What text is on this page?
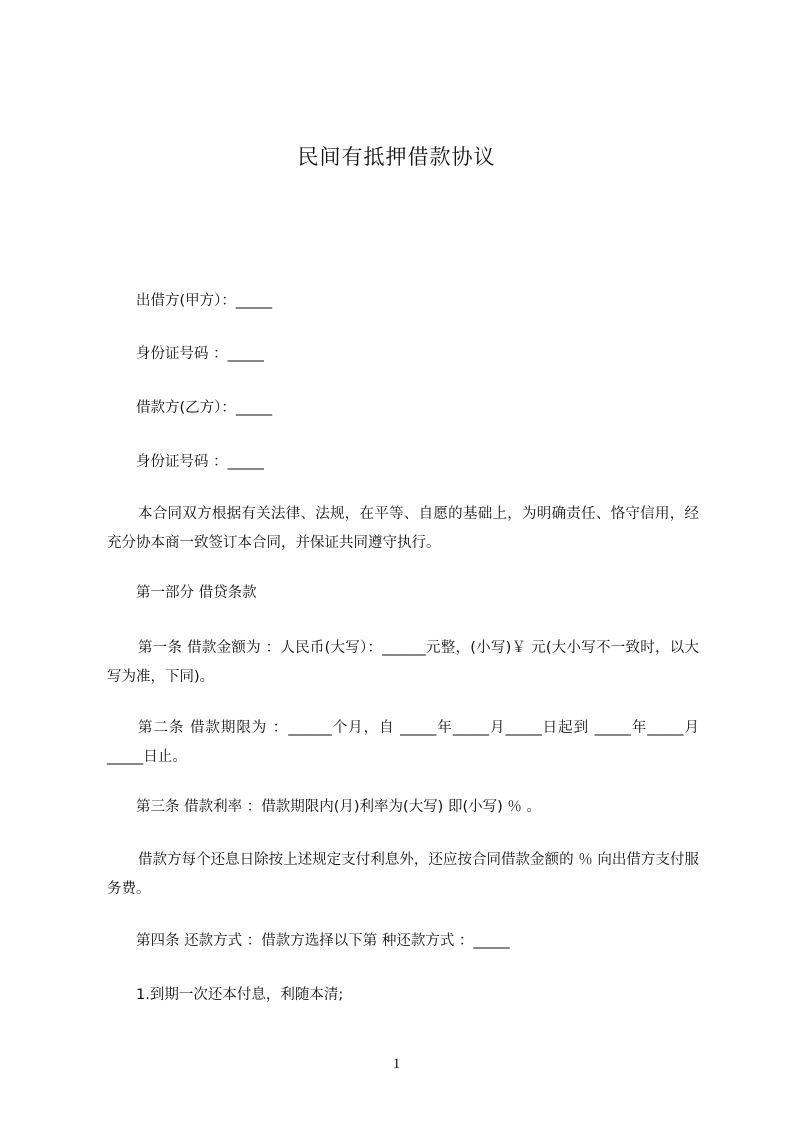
民间有抵押借款协议
出借方(甲方）：_____
身份证号码 ：_____
借款方(乙方）：_____
身份证号码 ：_____
本合同双方根据有关法律、法规，在平等、自愿的基础上，为明确责任、恪守信用，经充分协本商一致签订本合同，并保证共同遵守执行。
第一部分 借贷条款
第一条 借款金额为 ：人民币(大写）：______元整，(小写)￥ 元(大小写不一致时，以大写为准，下同)。
第二条 借款期限为 ：______个月，自 _____年_____月_____日起到 _____年_____月_____日止。
第三条 借款利率 ：借款期限内(月)利率为(大写) 即(小写) ％ 。
借款方每个还息日除按上述规定支付利息外，还应按合同借款金额的 ％ 向出借方支付服务费。
第四条 还款方式 ：借款方选择以下第 种还款方式 ：_____
1.到期一次还本付息，利随本清;
1
